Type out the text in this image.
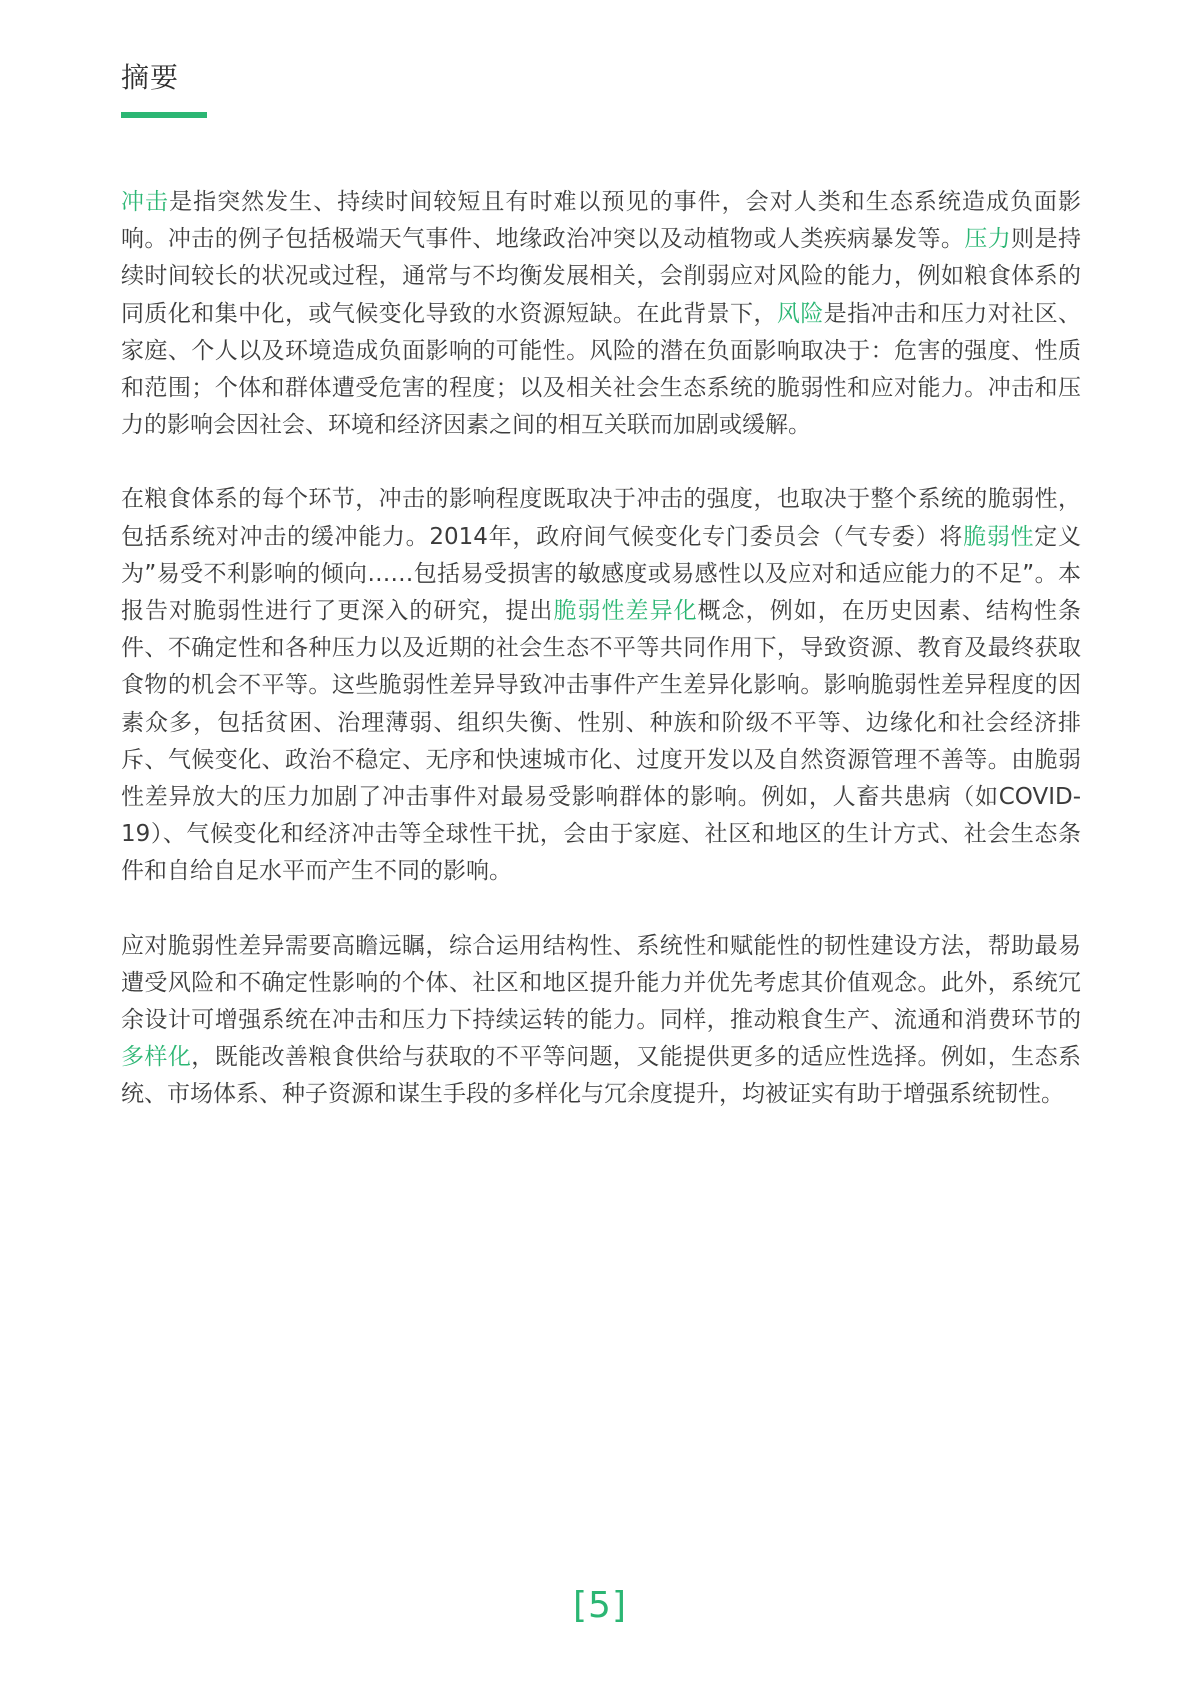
摘要

冲击是指突然发生、持续时间较短且有时难以预见的事件，会对人类和生态系统造成负面影响。冲击的例子包括极端天气事件、地缘政治冲突以及动植物或人类疾病暴发等。压力则是持续时间较长的状况或过程，通常与不均衡发展相关，会削弱应对风险的能力，例如粮食体系的同质化和集中化，或气候变化导致的水资源短缺。在此背景下，风险是指冲击和压力对社区、家庭、个人以及环境造成负面影响的可能性。风险的潜在负面影响取决于：危害的强度、性质和范围；个体和群体遭受危害的程度；以及相关社会生态系统的脆弱性和应对能力。冲击和压力的影响会因社会、环境和经济因素之间的相互关联而加剧或缓解。

在粮食体系的每个环节，冲击的影响程度既取决于冲击的强度，也取决于整个系统的脆弱性，包括系统对冲击的缓冲能力。2014年，政府间气候变化专门委员会（气专委）将脆弱性定义为”易受不利影响的倾向……包括易受损害的敏感度或易感性以及应对和适应能力的不足”。本报告对脆弱性进行了更深入的研究，提出脆弱性差异化概念，例如，在历史因素、结构性条件、不确定性和各种压力以及近期的社会生态不平等共同作用下，导致资源、教育及最终获取食物的机会不平等。这些脆弱性差异导致冲击事件产生差异化影响。影响脆弱性差异程度的因素众多，包括贫困、治理薄弱、组织失衡、性别、种族和阶级不平等、边缘化和社会经济排斥、气候变化、政治不稳定、无序和快速城市化、过度开发以及自然资源管理不善等。由脆弱性差异放大的压力加剧了冲击事件对最易受影响群体的影响。例如，人畜共患病（如COVID-19）、气候变化和经济冲击等全球性干扰，会由于家庭、社区和地区的生计方式、社会生态条件和自给自足水平而产生不同的影响。

应对脆弱性差异需要高瞻远瞩，综合运用结构性、系统性和赋能性的韧性建设方法，帮助最易遭受风险和不确定性影响的个体、社区和地区提升能力并优先考虑其价值观念。此外，系统冗余设计可增强系统在冲击和压力下持续运转的能力。同样，推动粮食生产、流通和消费环节的多样化，既能改善粮食供给与获取的不平等问题，又能提供更多的适应性选择。例如，生态系统、市场体系、种子资源和谋生手段的多样化与冗余度提升，均被证实有助于增强系统韧性。

[5]
